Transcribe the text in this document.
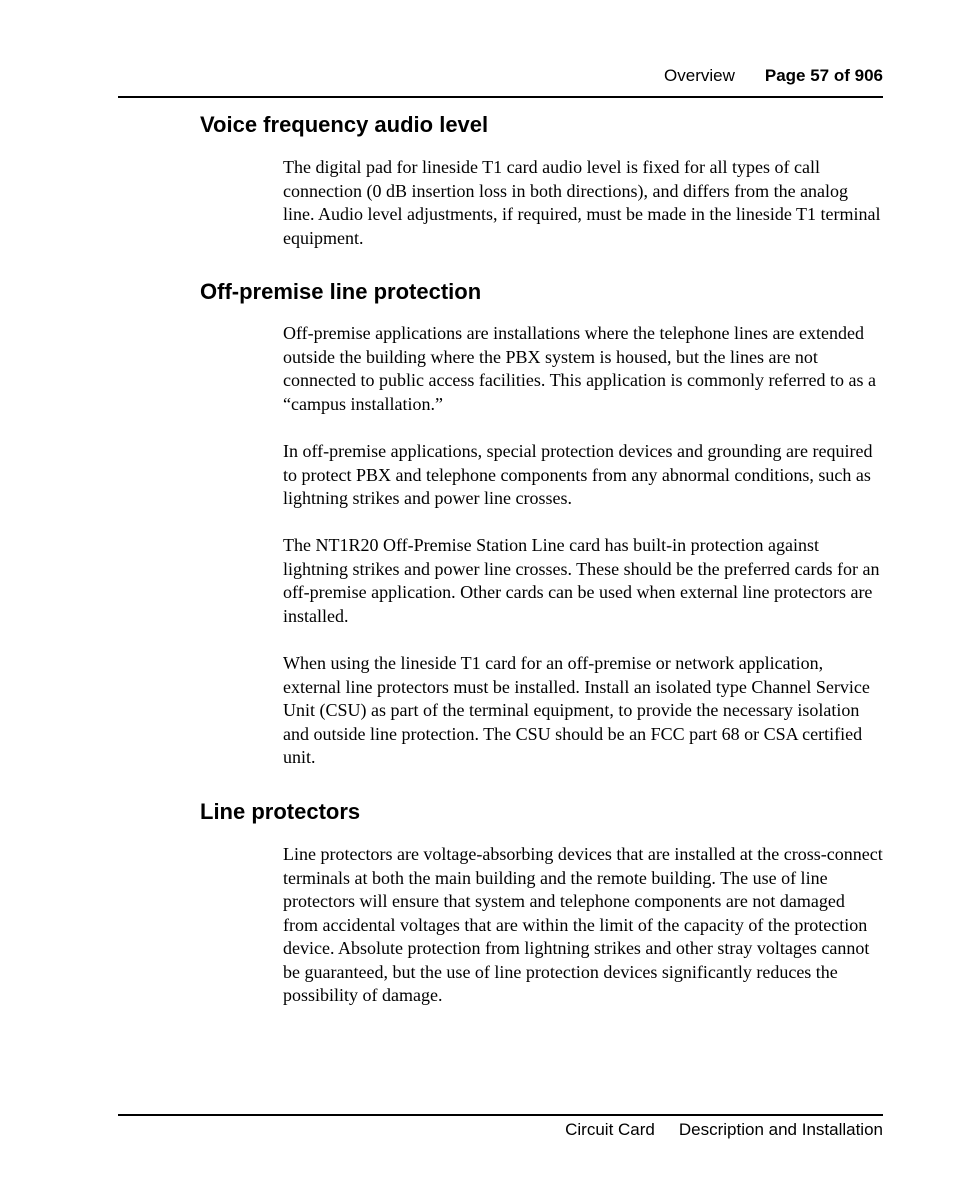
Overview Page 57 of 906
Voice frequency audio level

The digital pad for lineside T1 card audio level is fixed for all types of call connection (0 dB insertion loss in both directions), and differs from the analog line. Audio level adjustments, if required, must be made in the lineside T1 terminal equipment.

Off-premise line protection

Off-premise applications are installations where the telephone lines are extended outside the building where the PBX system is housed, but the lines are not connected to public access facilities. This application is commonly referred to as a “campus installation.”

In off-premise applications, special protection devices and grounding are required to protect PBX and telephone components from any abnormal conditions, such as lightning strikes and power line crosses.

The NT1R20 Off-Premise Station Line card has built-in protection against lightning strikes and power line crosses. These should be the preferred cards for an off-premise application. Other cards can be used when external line protectors are installed.

When using the lineside T1 card for an off-premise or network application, external line protectors must be installed. Install an isolated type Channel Service Unit (CSU) as part of the terminal equipment, to provide the necessary isolation and outside line protection. The CSU should be an FCC part 68 or CSA certified unit.

Line protectors

Line protectors are voltage-absorbing devices that are installed at the cross-connect terminals at both the main building and the remote building. The use of line protectors will ensure that system and telephone components are not damaged from accidental voltages that are within the limit of the capacity of the protection device. Absolute protection from lightning strikes and other stray voltages cannot be guaranteed, but the use of line protection devices significantly reduces the possibility of damage.

Circuit Card Description and Installation
